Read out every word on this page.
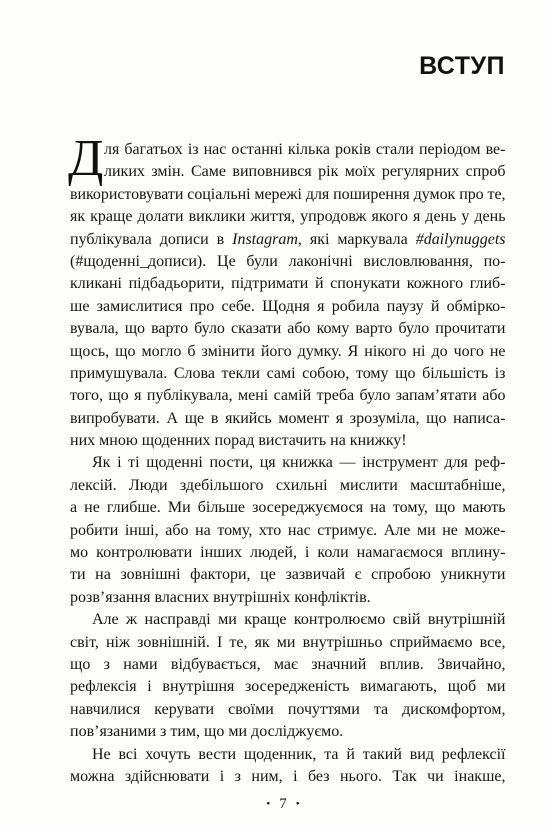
ВСТУП
Д ля багатьох із нас останні кілька років стали періодом ве-
ликих змін. Саме виповнився рік моїх регулярних спроб
використовувати соціальні мережі для поширення думок про те,
як краще долати виклики життя, упродовж якого я день у день
публікувала дописи в Instagram, які маркувала #dailynuggets
(#щоденні_дописи). Це були лаконічні висловлювання, по-
кликані підбадьорити, підтримати й спонукати кожного глиб-
ше замислитися про себе. Щодня я робила паузу й обмірко-
вувала, що варто було сказати або кому варто було прочитати
щось, що могло б змінити його думку. Я нікого ні до чого не
примушувала. Слова текли самі собою, тому що більшість із
того, що я публікувала, мені самій треба було запам’ятати або
випробувати. А ще в якийсь момент я зрозуміла, що написа-
них мною щоденних порад вистачить на книжку!
Як і ті щоденні пости, ця книжка — інструмент для реф-
лексій. Люди здебільшого схильні мислити масштабніше,
а не глибше. Ми більше зосереджуємося на тому, що мають
робити інші, або на тому, хто нас стримує. Але ми не може-
мо контролювати інших людей, і коли намагаємося вплину-
ти на зовнішні фактори, це зазвичай є спробою уникнути
розв’язання власних внутрішніх конфліктів.
Але ж насправді ми краще контролюємо свій внутрішній
світ, ніж зовнішній. І те, як ми внутрішньо сприймаємо все,
що з нами відбувається, має значний вплив. Звичайно,
рефлексія і внутрішня зосередженість вимагають, щоб ми
навчилися керувати своїми почуттями та дискомфортом,
пов’язаними з тим, що ми досліджуємо.
Не всі хочуть вести щоденник, та й такий вид рефлексії
можна здійснювати і з ним, і без нього. Так чи інакше,
• 7 •
